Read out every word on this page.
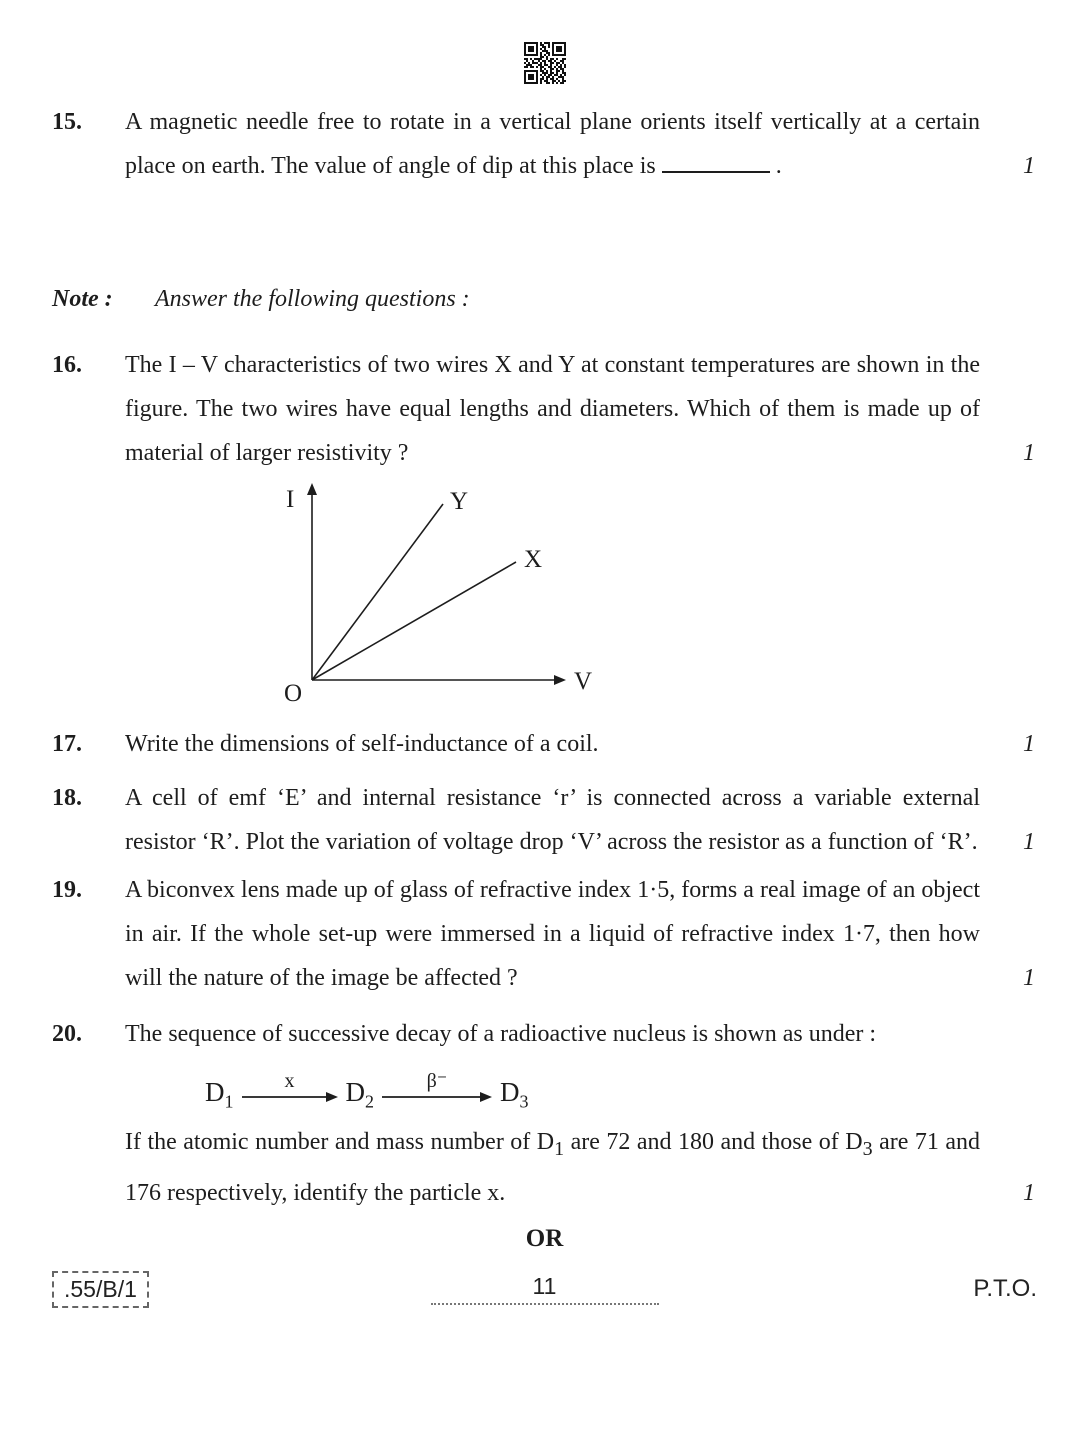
15.	A magnetic needle free to rotate in a vertical plane orients itself vertically at a certain place on earth. The value of angle of dip at this place is	.	1
Note :	Answer the following questions :
16.	The I – V characteristics of two wires X and Y at constant temperatures are shown in the figure. The two wires have equal lengths and diameters. Which of them is made up of material of larger resistivity ?	1
I
V
O
Y
X
17.	Write the dimensions of self-inductance of a coil.	1
18.	A cell of emf ‘E’ and internal resistance ‘r’ is connected across a variable external resistor ‘R’. Plot the variation of voltage drop ‘V’ across the resistor as a function of ‘R’. 1
19.	A biconvex lens made up of glass of refractive index 1·5, forms a real image of an object in air. If the whole set-up were immersed in a liquid of refractive index 1·7, then how will the nature of the image be affected ?	1
20.	The sequence of successive decay of a radioactive nucleus is shown as under :
$D_1$
x $D_2$
β⁻ $D_3$
If the atomic number and mass number of $D_1$ are 72 and 180 and those of $D_3$ are 71 and 176 respectively, identify the particle x.	1
OR
.55/B/1	11	P.T.O.
